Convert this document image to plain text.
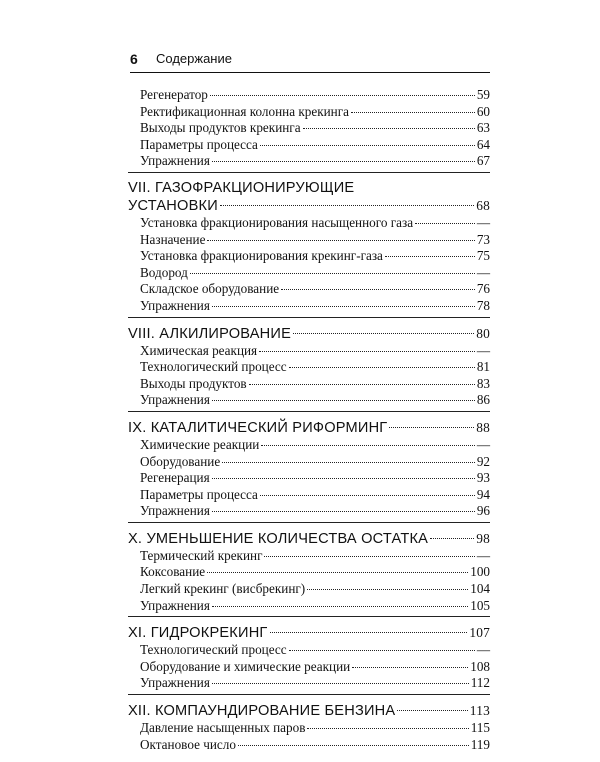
6 Содержание
Регенератор	59
Ректификационная колонна крекинга	60
Выходы продуктов крекинга	63
Параметры процесса	64
Упражнения	67
VII. ГАЗОФРАКЦИОНИРУЮЩИЕ
УСТАНОВКИ	68
Установка фракционирования насыщенного газа	—
Назначение	73
Установка фракционирования крекинг-газа	75
Водород	—
Складское оборудование	76
Упражнения	78
VIII. АЛКИЛИРОВАНИЕ	80
Химическая реакция	—
Технологический процесс	81
Выходы продуктов	83
Упражнения	86
IX. КАТАЛИТИЧЕСКИЙ РИФОРМИНГ	88
Химические реакции	—
Оборудование	92
Регенерация	93
Параметры процесса	94
Упражнения	96
X. УМЕНЬШЕНИЕ КОЛИЧЕСТВА ОСТАТКА	98
Термический крекинг	—
Коксование	100
Легкий крекинг (висбрекинг)	104
Упражнения	105
XI. ГИДРОКРЕКИНГ	107
Технологический процесс	—
Оборудование и химические реакции	108
Упражнения	112
XII. КОМПАУНДИРОВАНИЕ БЕНЗИНА	113
Давление насыщенных паров	115
Октановое число	119
